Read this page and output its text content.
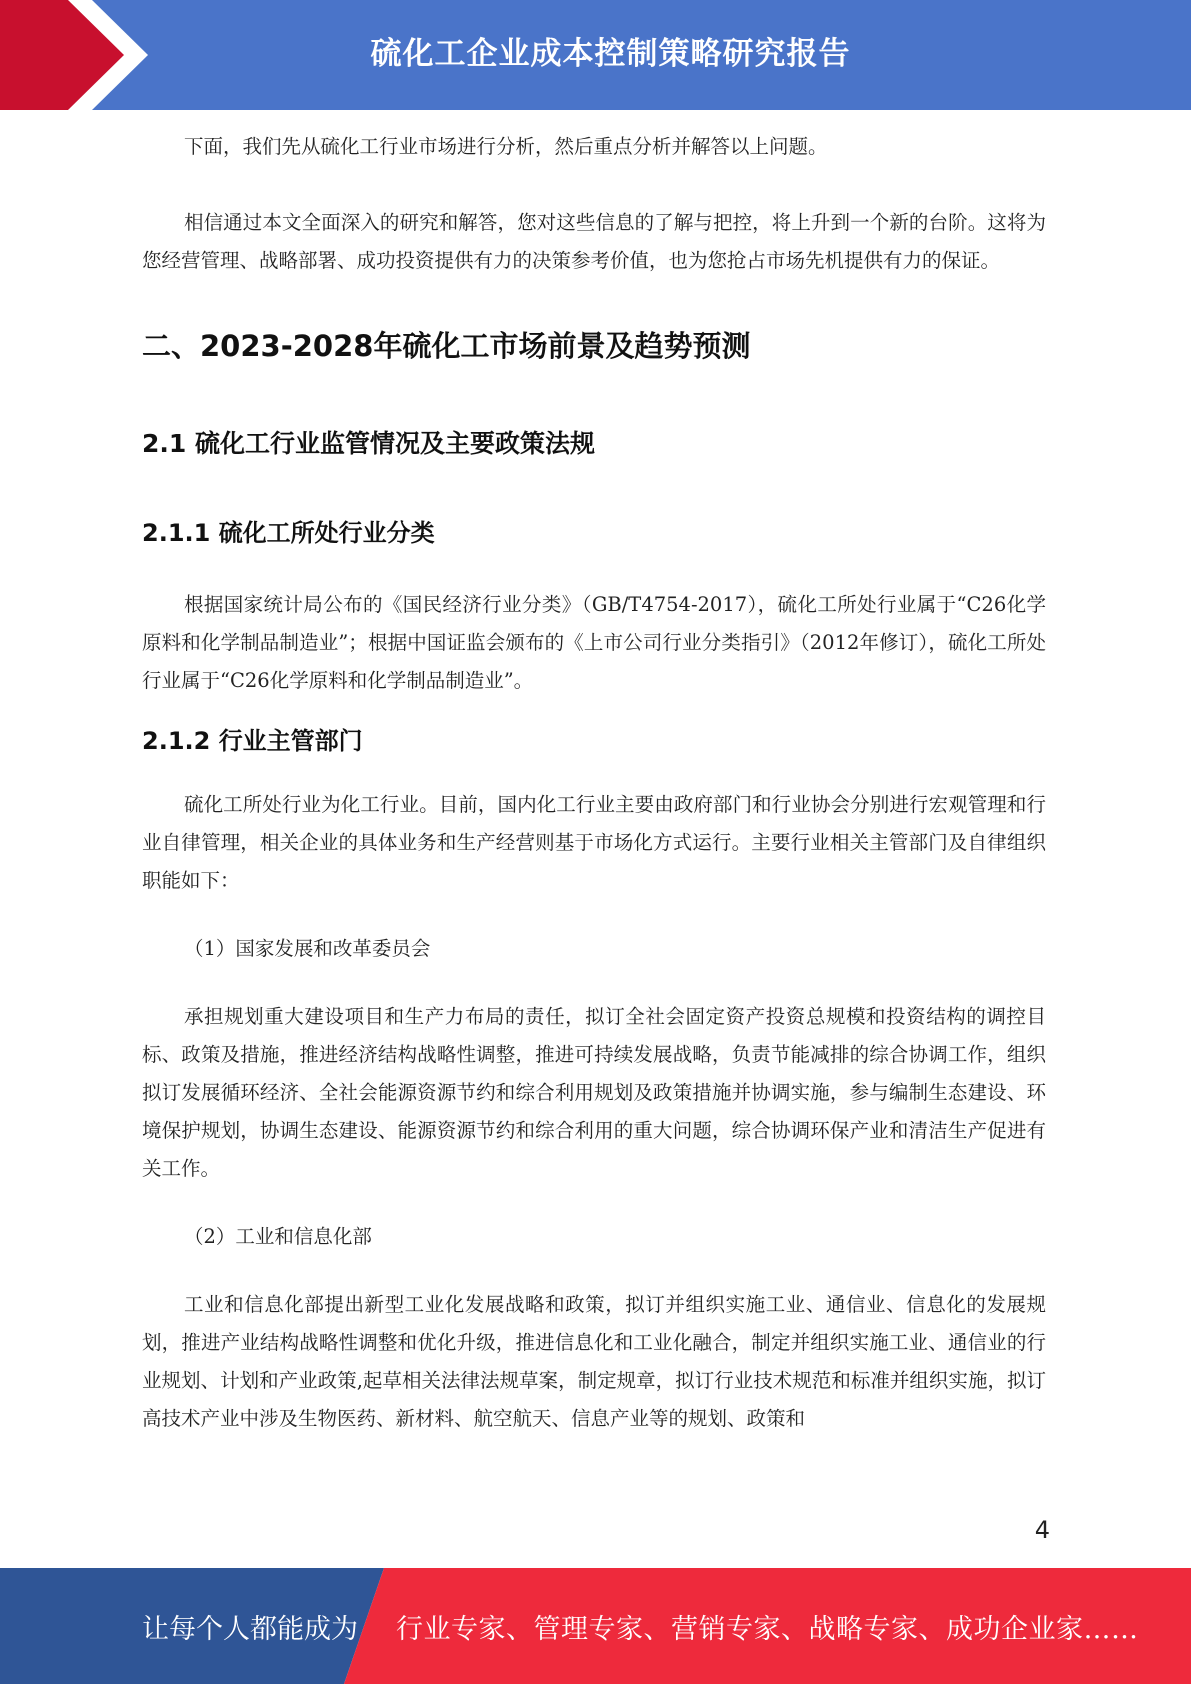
硫化工企业成本控制策略研究报告

下面，我们先从硫化工行业市场进行分析，然后重点分析并解答以上问题。

相信通过本文全面深入的研究和解答，您对这些信息的了解与把控，将上升到一个新的台阶。这将为您经营管理、战略部署、成功投资提供有力的决策参考价值，也为您抢占市场先机提供有力的保证。

二、2023-2028年硫化工市场前景及趋势预测
2.1 硫化工行业监管情况及主要政策法规
2.1.1 硫化工所处行业分类

根据国家统计局公布的《国民经济行业分类》（GB/T4754-2017），硫化工所处行业属于“C26化学原料和化学制品制造业”；根据中国证监会颁布的《上市公司行业分类指引》（2012年修订），硫化工所处行业属于“C26化学原料和化学制品制造业”。

2.1.2 行业主管部门

硫化工所处行业为化工行业。目前，国内化工行业主要由政府部门和行业协会分别进行宏观管理和行业自律管理，相关企业的具体业务和生产经营则基于市场化方式运行。主要行业相关主管部门及自律组织职能如下：

（1）国家发展和改革委员会

承担规划重大建设项目和生产力布局的责任，拟订全社会固定资产投资总规模和投资结构的调控目标、政策及措施，推进经济结构战略性调整，推进可持续发展战略，负责节能减排的综合协调工作，组织拟订发展循环经济、全社会能源资源节约和综合利用规划及政策措施并协调实施，参与编制生态建设、环境保护规划，协调生态建设、能源资源节约和综合利用的重大问题，综合协调环保产业和清洁生产促进有关工作。

（2）工业和信息化部

工业和信息化部提出新型工业化发展战略和政策，拟订并组织实施工业、通信业、信息化的发展规划，推进产业结构战略性调整和优化升级，推进信息化和工业化融合，制定并组织实施工业、通信业的行业规划、计划和产业政策,起草相关法律法规草案，制定规章，拟订行业技术规范和标准并组织实施，拟订高技术产业中涉及生物医药、新材料、航空航天、信息产业等的规划、政策和

4
让每个人都能成为 行业专家、管理专家、营销专家、战略专家、成功企业家……
